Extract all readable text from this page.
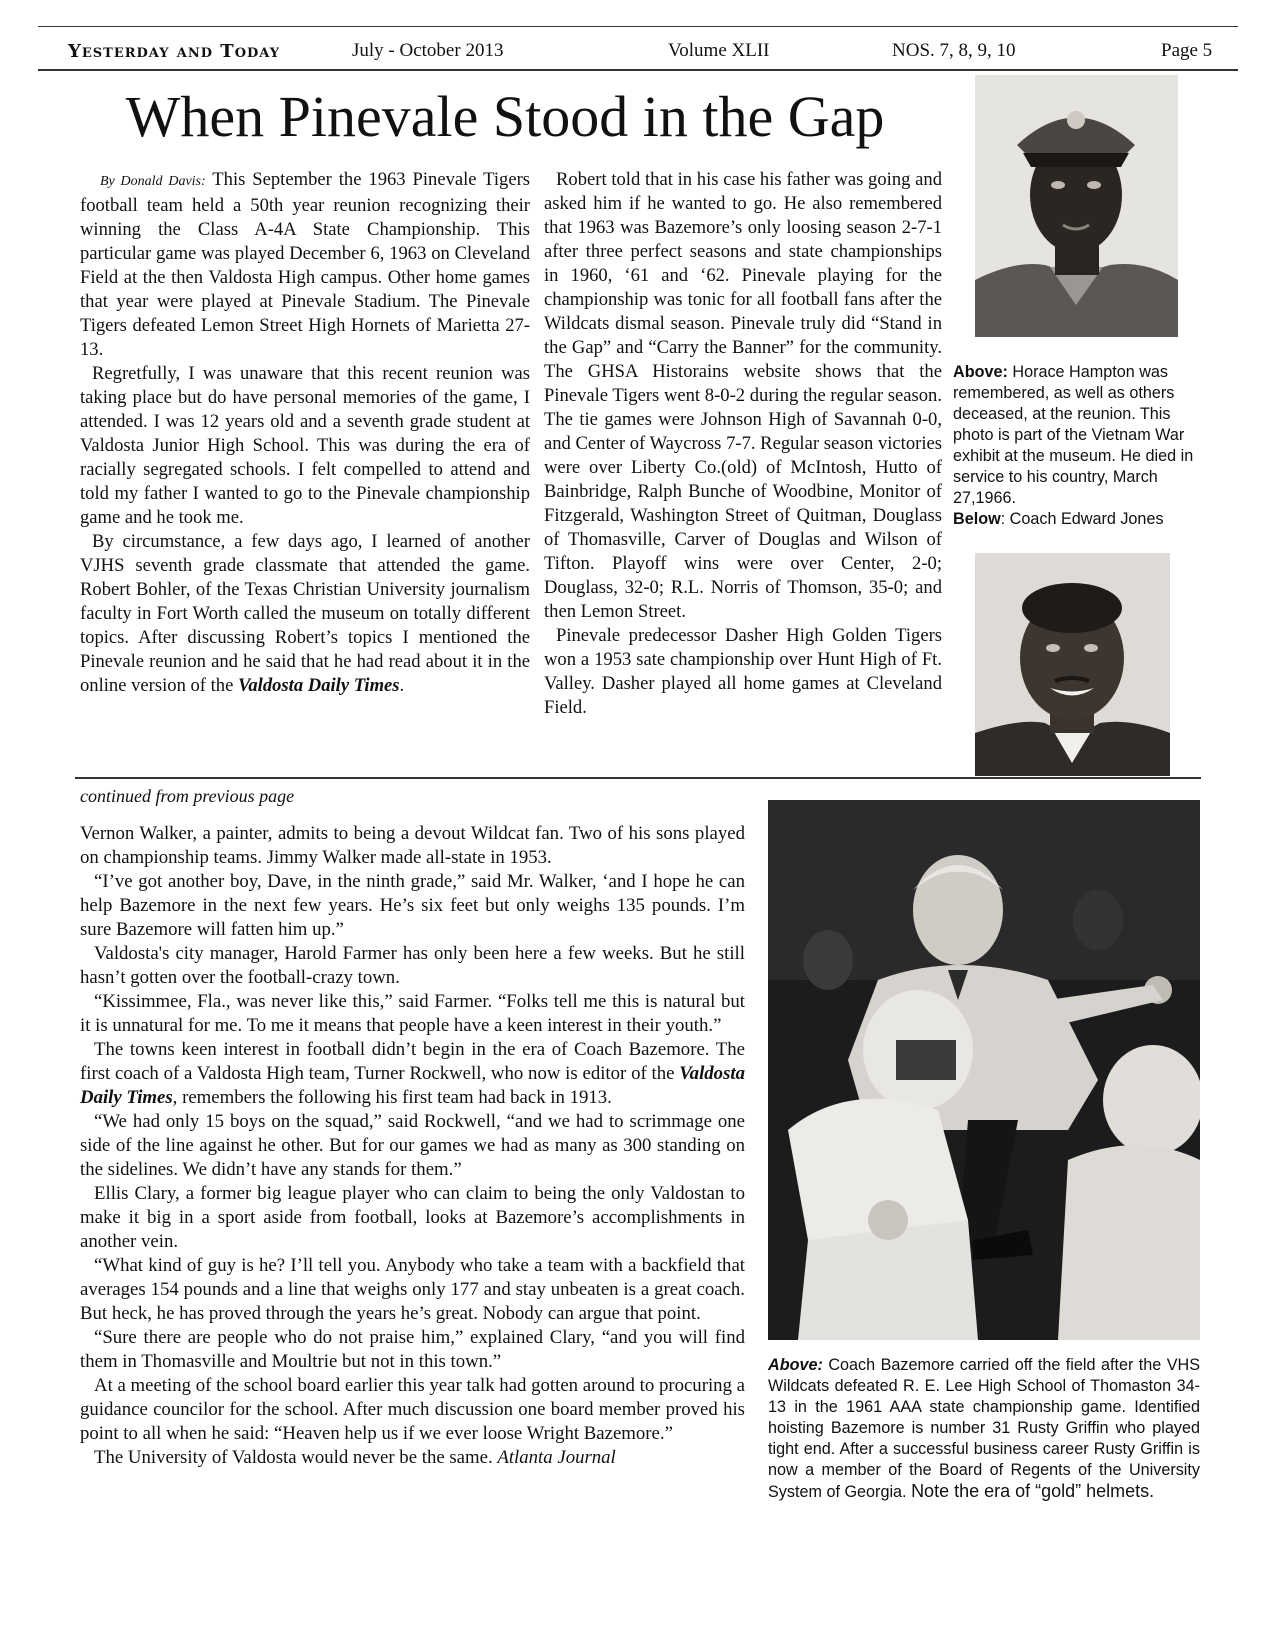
Yesterday and Today	July - October 2013	Volume XLII	NOS. 7, 8, 9, 10	Page 5
When Pinevale Stood in the Gap

By Donald Davis: This September the 1963 Pinevale Tigers football team held a 50th year reunion recognizing their winning the Class A-4A State Championship. This particular game was played December 6, 1963 on Cleveland Field at the then Valdosta High campus. Other home games that year were played at Pinevale Stadium. The Pinevale Tigers defeated Lemon Street High Hornets of Marietta 27-13.

Regretfully, I was unaware that this recent reunion was taking place but do have personal memories of the game, I attended. I was 12 years old and a seventh grade student at Valdosta Junior High School. This was during the era of racially segregated schools. I felt compelled to attend and told my father I wanted to go to the Pinevale championship game and he took me.

By circumstance, a few days ago, I learned of another VJHS seventh grade classmate that attended the game. Robert Bohler, of the Texas Christian University journalism faculty in Fort Worth called the museum on totally different topics. After discussing Robert’s topics I mentioned the Pinevale reunion and he said that he had read about it in the online version of the Valdosta Daily Times.

Robert told that in his case his father was going and asked him if he wanted to go. He also remembered that 1963 was Bazemore’s only loosing season 2-7-1 after three perfect seasons and state championships in 1960, ‘61 and ‘62. Pinevale playing for the championship was tonic for all football fans after the Wildcats dismal season. Pinevale truly did “Stand in the Gap” and “Carry the Banner” for the community. The GHSA Historains website shows that the Pinevale Tigers went 8-0-2 during the regular season. The tie games were Johnson High of Savannah 0-0, and Center of Waycross 7-7. Regular season victories were over Liberty Co.(old) of McIntosh, Hutto of Bainbridge, Ralph Bunche of Woodbine, Monitor of Fitzgerald, Washington Street of Quitman, Douglass of Thomasville, Carver of Douglas and Wilson of Tifton. Playoff wins were over Center, 2-0; Douglass, 32-0; R.L. Norris of Thomson, 35-0; and then Lemon Street.

Pinevale predecessor Dasher High Golden Tigers won a 1953 sate championship over Hunt High of Ft. Valley. Dasher played all home games at Cleveland Field.

Above: Horace Hampton was remembered, as well as others deceased, at the reunion. This photo is part of the Vietnam War exhibit at the museum. He died in service to his country, March 27,1966.
Below: Coach Edward Jones
continued from previous page

Vernon Walker, a painter, admits to being a devout Wildcat fan. Two of his sons played on championship teams. Jimmy Walker made all-state in 1953.

“I’ve got another boy, Dave, in the ninth grade,” said Mr. Walker, ‘and I hope he can help Bazemore in the next few years. He’s six feet but only weighs 135 pounds. I’m sure Bazemore will fatten him up.”

Valdosta's city manager, Harold Farmer has only been here a few weeks. But he still hasn’t gotten over the football-crazy town.

“Kissimmee, Fla., was never like this,” said Farmer. “Folks tell me this is natural but it is unnatural for me. To me it means that people have a keen interest in their youth.”

The towns keen interest in football didn’t begin in the era of Coach Bazemore. The first coach of a Valdosta High team, Turner Rockwell, who now is editor of the Valdosta Daily Times, remembers the following his first team had back in 1913.

“We had only 15 boys on the squad,” said Rockwell, “and we had to scrimmage one side of the line against he other. But for our games we had as many as 300 standing on the sidelines. We didn’t have any stands for them.”

Ellis Clary, a former big league player who can claim to being the only Valdostan to make it big in a sport aside from football, looks at Bazemore’s accomplishments in another vein.

“What kind of guy is he? I’ll tell you. Anybody who take a team with a backfield that averages 154 pounds and a line that weighs only 177 and stay unbeaten is a great coach. But heck, he has proved through the years he’s great. Nobody can argue that point.

“Sure there are people who do not praise him,” explained Clary, “and you will find them in Thomasville and Moultrie but not in this town.”

At a meeting of the school board earlier this year talk had gotten around to procuring a guidance councilor for the school. After much discussion one board member proved his point to all when he said: “Heaven help us if we ever loose Wright Bazemore.”

The University of Valdosta would never be the same. Atlanta Journal

Above: Coach Bazemore carried off the field after the VHS Wildcats defeated R. E. Lee High School of Thomaston 34-13 in the 1961 AAA state championship game. Identified hoisting Bazemore is number 31 Rusty Griffin who played tight end. After a successful business career Rusty Griffin is now a member of the Board of Regents of the University System of Georgia. Note the era of “gold” helmets.
